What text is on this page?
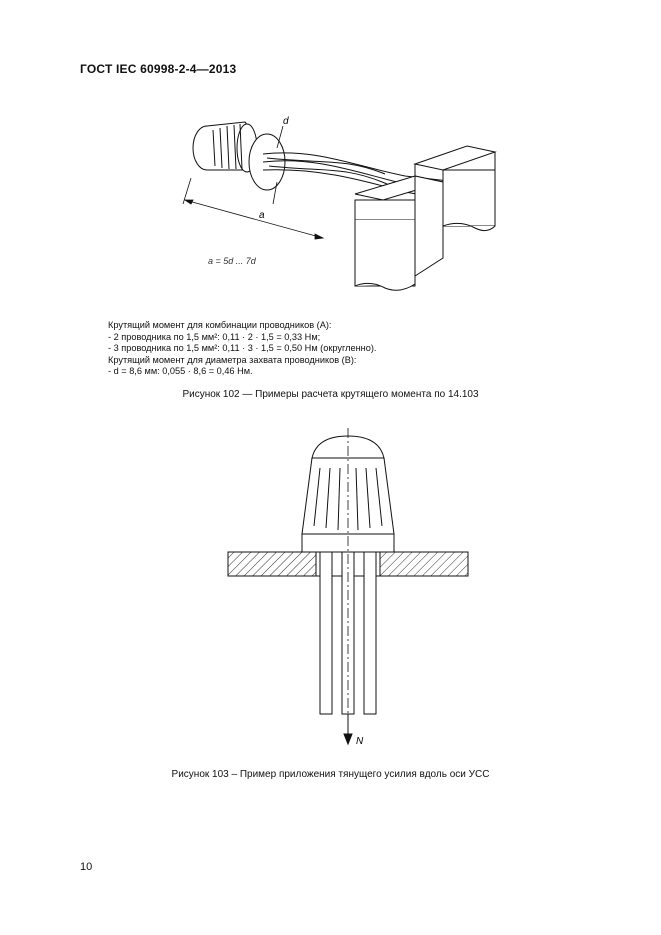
ГОСТ IEC 60998-2-4—2013
d
a
a = 5d ... 7d
Крутящий момент для комбинации проводников (А):
- 2 проводника по 1,5 мм²: 0,11 · 2 · 1,5 = 0,33 Нм;
- 3 проводника по 1,5 мм²: 0,11 · 3 · 1,5 = 0,50 Нм (округленно).
Крутящий момент для диаметра захвата проводников (В):
- d = 8,6 мм: 0,055 · 8,6 = 0,46 Нм.
Рисунок 102 — Примеры расчета крутящего момента по 14.103
N
Рисунок 103 – Пример приложения тянущего усилия вдоль оси УСС
10
